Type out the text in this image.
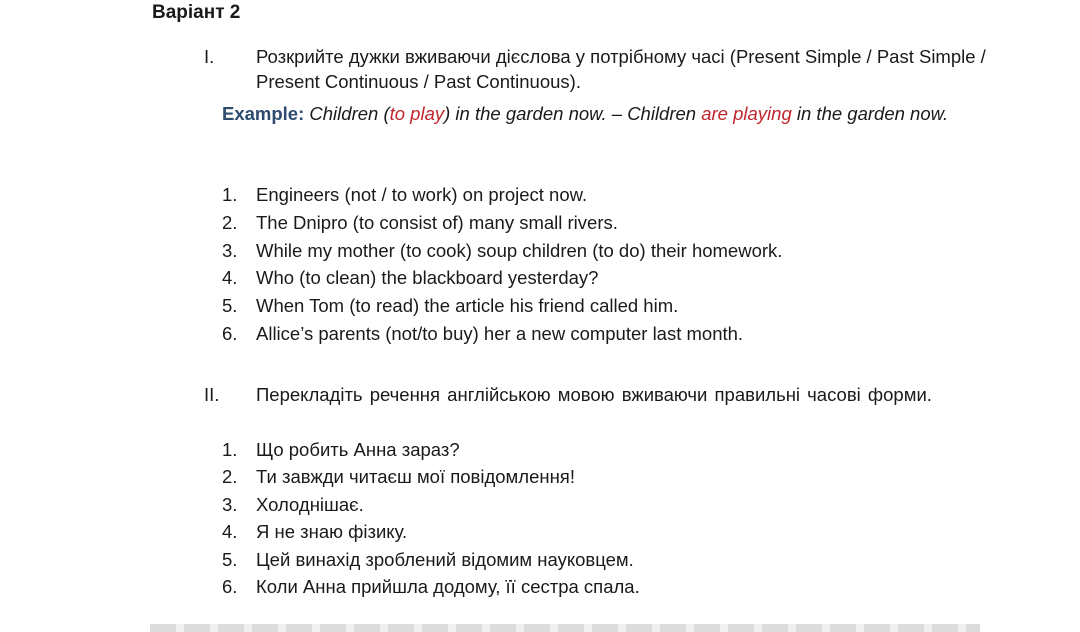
Варіант 2
I. Розкрийте дужки вживаючи дієслова у потрібному часі (Present Simple / Past Simple / Present Continuous / Past Continuous).
Example: Children (to play) in the garden now. – Children are playing in the garden now.
1. Engineers (not / to work) on project now.
2. The Dnipro (to consist of) many small rivers.
3. While my mother (to cook) soup children (to do) their homework.
4. Who (to clean) the blackboard yesterday?
5. When Tom (to read) the article his friend called him.
6. Allice’s parents (not/to buy) her a new computer last month.
II. Перекладіть речення англійською мовою вживаючи правильні часові форми.
1. Що робить Анна зараз?
2. Ти завжди читаєш мої повідомлення!
3. Холоднішає.
4. Я не знаю фізику.
5. Цей винахід зроблений відомим науковцем.
6. Коли Анна прийшла додому, її сестра спала.
